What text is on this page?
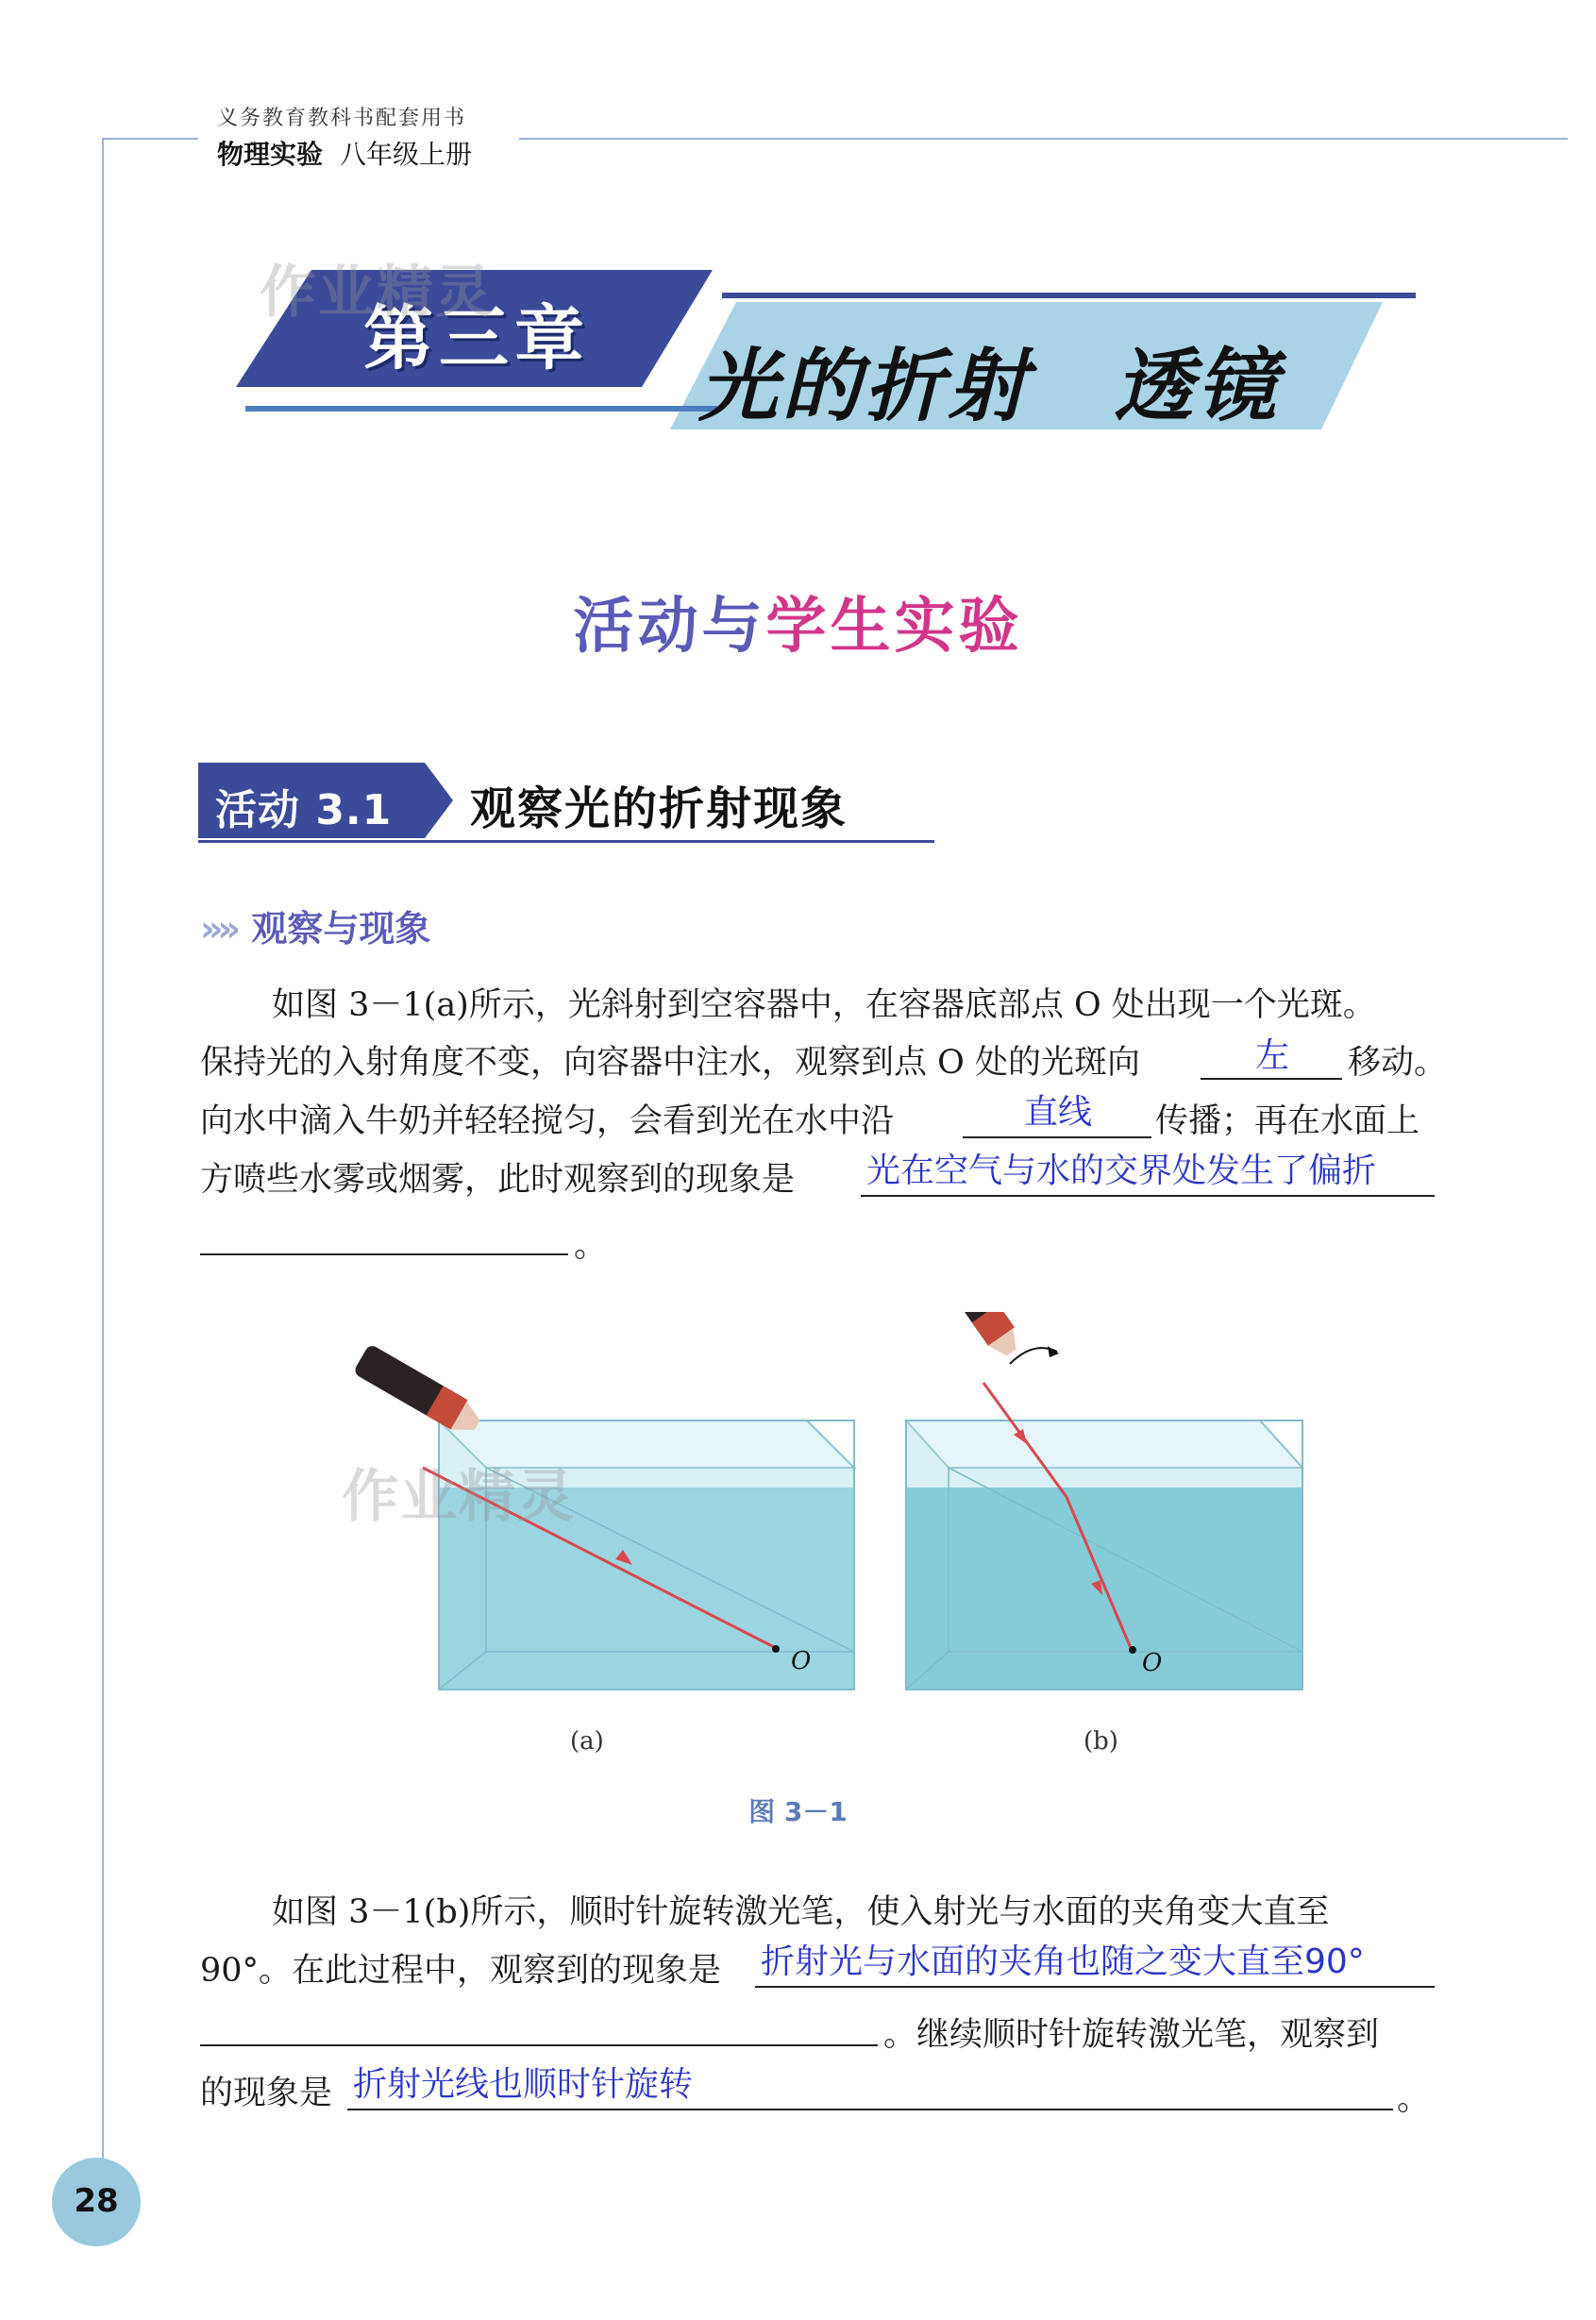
义务教育教科书配套用书
物理实验 八年级上册
第三章
光的折射　透镜
活动与学生实验
活动 3.1 观察光的折射现象
»» 观察与现象
如图 3－1(a)所示，光斜射到空容器中，在容器底部点 O 处出现一个光斑。
保持光的入射角度不变，向容器中注水，观察到点 O 处的光斑向	左 移动。
向水中滴入牛奶并轻轻搅匀，会看到光在水中沿	直线 传播；再在水面上
方喷些水雾或烟雾，此时观察到的现象是 光在空气与水的交界处发生了偏折
。
O	O
(a)	(b)
图 3－1
如图 3－1(b)所示，顺时针旋转激光笔，使入射光与水面的夹角变大直至
90°。在此过程中，观察到的现象是 折射光与水面的夹角也随之变大直至90°
。继续顺时针旋转激光笔，观察到
的现象是 折射光线也顺时针旋转	。
28
作业精灵
作业精灵
